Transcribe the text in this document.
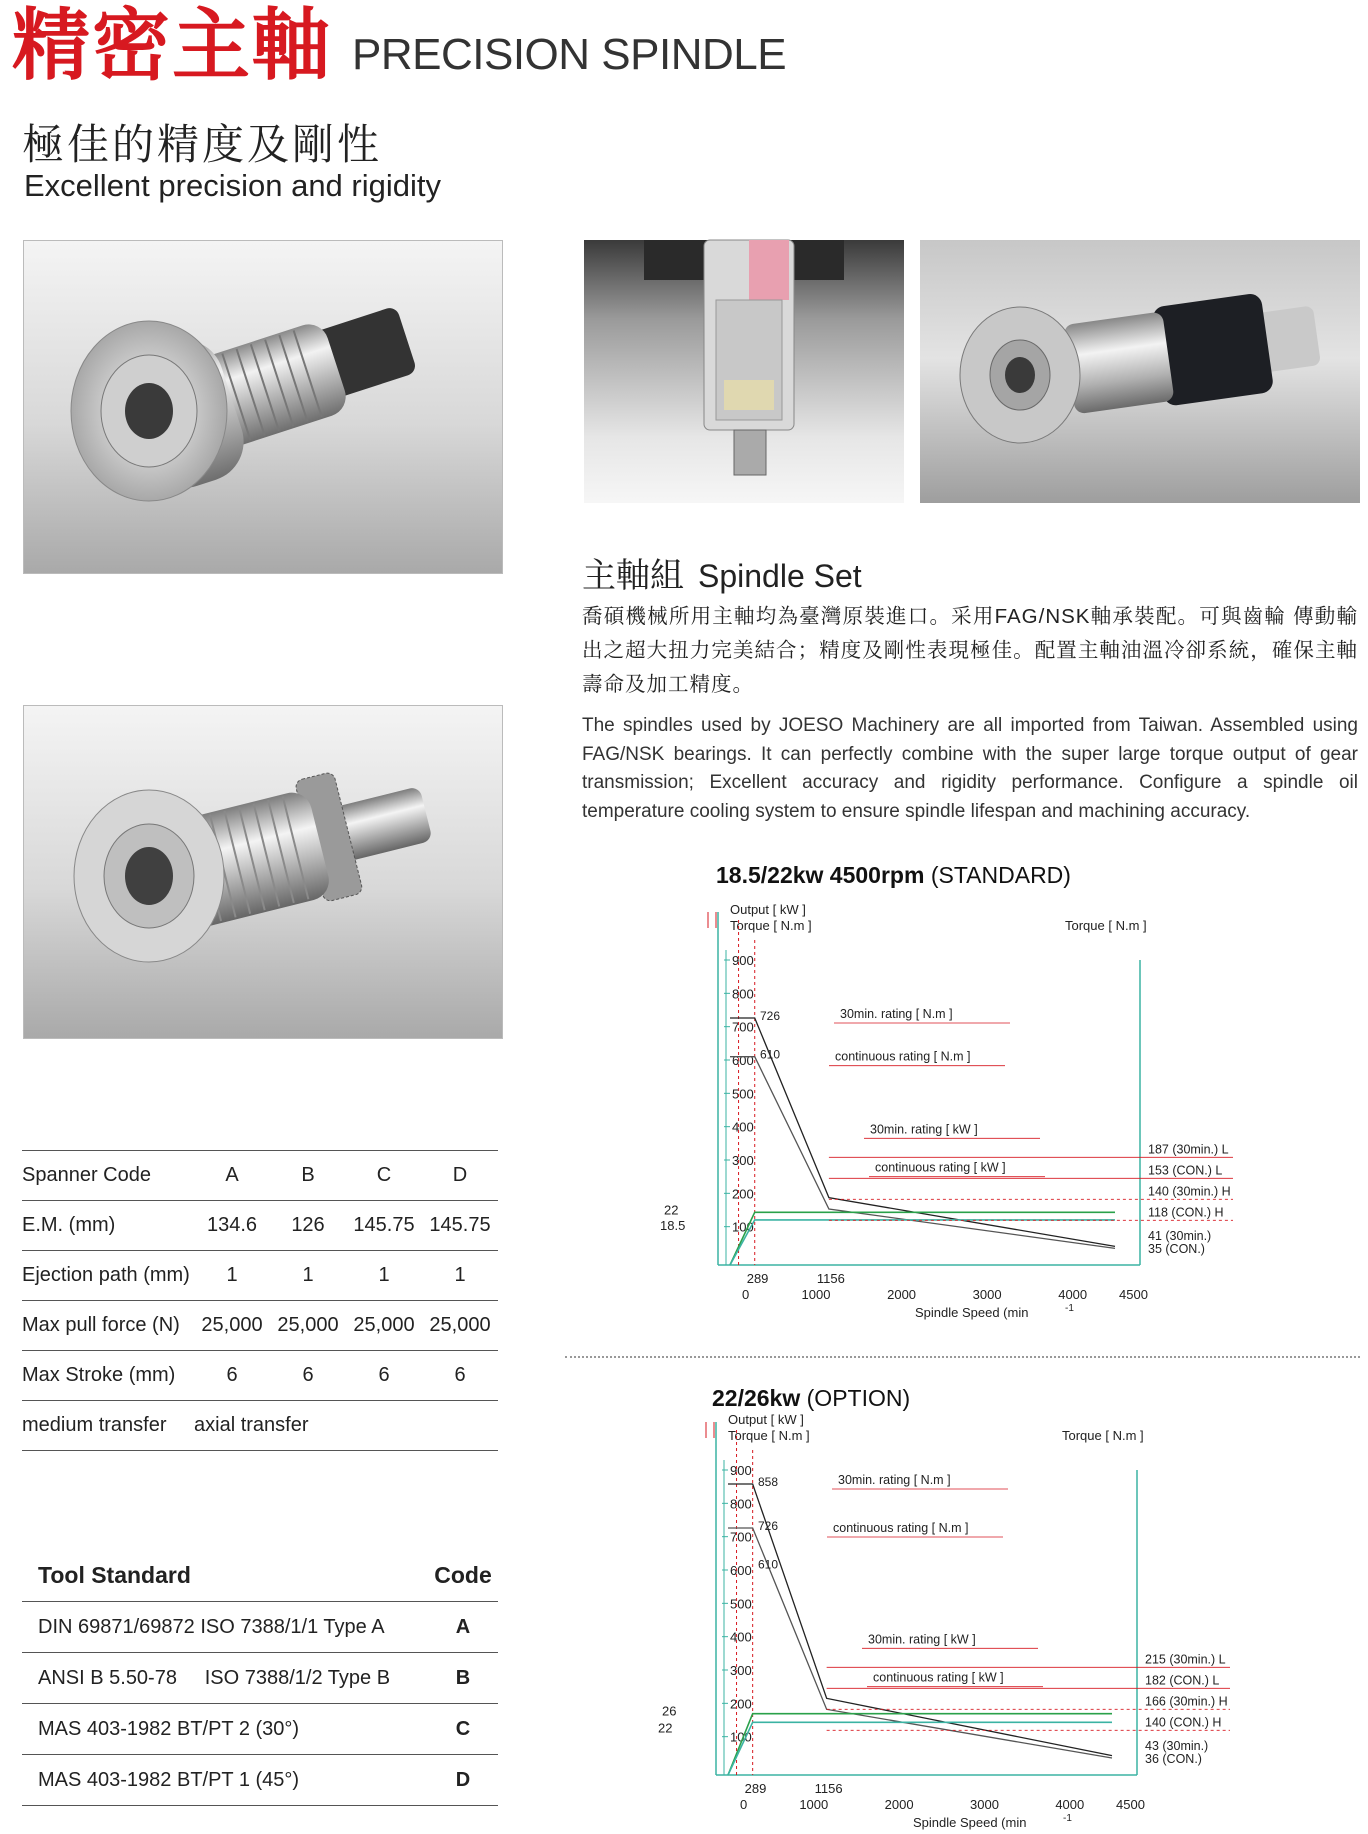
精密主軸 PRECISION SPINDLE
極佳的精度及剛性
Excellent precision and rigidity
主軸組 Spindle Set
喬碩機械所用主軸均為臺灣原裝進口。采用FAG/NSK軸承裝配。可與齒輪 傳動輸出之超大扭力完美結合；精度及剛性表現極佳。配置主軸油溫冷卻系統，確保主軸壽命及加工精度。
The spindles used by JOESO Machinery are all imported from Taiwan. Assembled using FAG/NSK bearings. It can perfectly combine with the super large torque output of gear transmission; Excellent accuracy and rigidity performance. Configure a spindle oil temperature cooling system to ensure spindle lifespan and machining accuracy.
Spanner Code	A	B	C	D
E.M. (mm)	134.6	126	145.75	145.75
Ejection path (mm)	1	1	1	1
Max pull force (N)	25,000	25,000	25,000	25,000
Max Stroke (mm)	6	6	6	6
medium transfer	axial transfer			
Tool Standard	Code
DIN 69871/69872 ISO 7388/1/1 Type A	A
ANSI B 5.50-78     ISO 7388/1/2 Type B	B
MAS 403-1982 BT/PT 2 (30°)	C
MAS 403-1982 BT/PT 1 (45°)	D
18.5/22kw 4500rpm (STANDARD)
Output [ kW ]
Torque [ N.m ]	Torque [ N.m ]
100
200
300
400
500
600
700
800
900
289	1156
0	1000	2000	3000	4000 4500
Spindle Speed (min	-1
22
18.5
726
610
30min. rating [ N.m ]
continuous rating [ N.m ]
30min. rating [ kW ]
continuous rating [ kW ]
187 (30min.) L
153 (CON.) L
140 (30min.) H
118 (CON.) H
41 (30min.)
35 (CON.)
22/26kw (OPTION)
Output [ kW ]
Torque [ N.m ]	Torque [ N.m ]
100
200
300
400
500
600
700
800
900
289	1156
0	1000	2000	3000	4000 4500
Spindle Speed (min	-1
26
22
858
726
610
30min. rating [ N.m ]
continuous rating [ N.m ]
30min. rating [ kW ]
continuous rating [ kW ]
215 (30min.) L
182 (CON.) L
166 (30min.) H
140 (CON.) H
43 (30min.)
36 (CON.)
